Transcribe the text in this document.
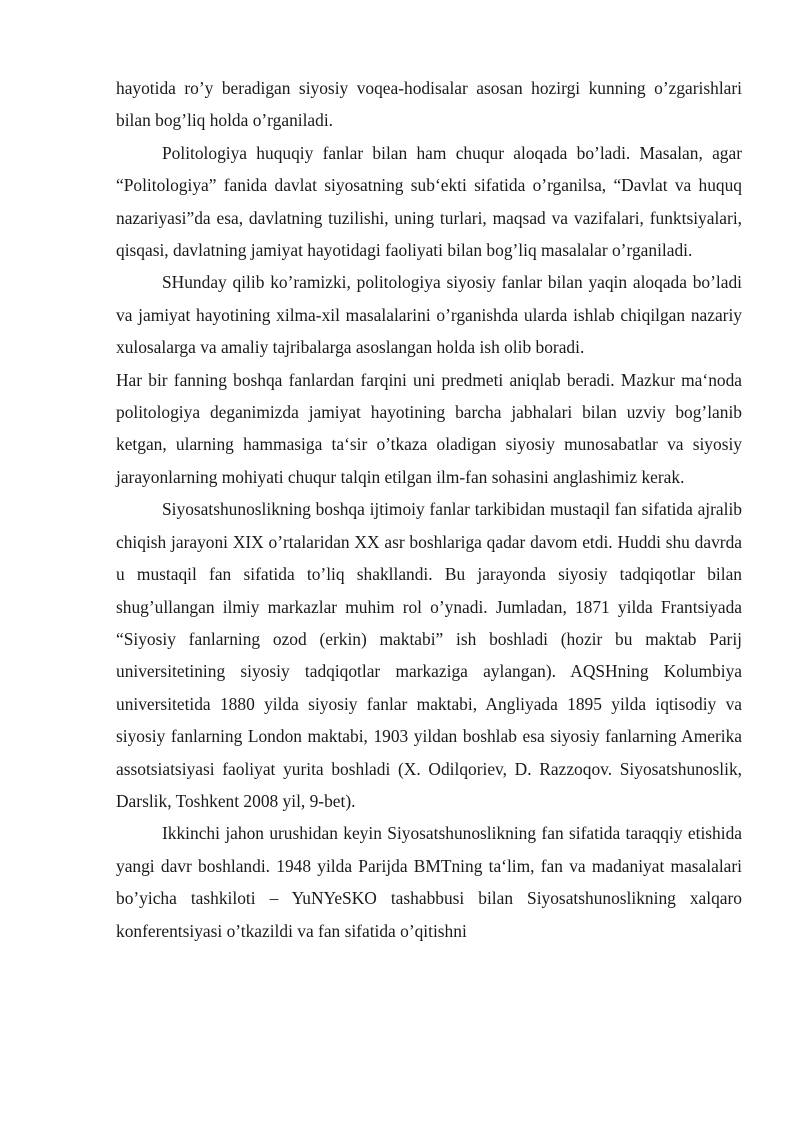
hayotida ro’y beradigan siyosiy voqea-hodisalar asosan hozirgi kunning o’zgarishlari bilan bog’liq holda o’rganiladi.

Politologiya huquqiy fanlar bilan ham chuqur aloqada bo’ladi. Masalan, agar “Politologiya” fanida davlat siyosatning sub‘ekti sifatida o’rganilsa, “Davlat va huquq nazariyasi”da esa, davlatning tuzilishi, uning turlari, maqsad va vazifalari, funktsiyalari, qisqasi, davlatning jamiyat hayotidagi faoliyati bilan bog’liq masalalar o’rganiladi.

SHunday qilib ko’ramizki, politologiya siyosiy fanlar bilan yaqin aloqada bo’ladi va jamiyat hayotining xilma-xil masalalarini o’rganishda ularda ishlab chiqilgan nazariy xulosalarga va amaliy tajribalarga asoslangan holda ish olib boradi.

Har bir fanning boshqa fanlardan farqini uni predmeti aniqlab beradi. Mazkur ma‘noda politologiya deganimizda jamiyat hayotining barcha jabhalari bilan uzviy bog’lanib ketgan, ularning hammasiga ta‘sir o’tkaza oladigan siyosiy munosabatlar va siyosiy jarayonlarning mohiyati chuqur talqin etilgan ilm-fan sohasini anglashimiz kerak.

Siyosatshunoslikning boshqa ijtimoiy fanlar tarkibidan mustaqil fan sifatida ajralib chiqish jarayoni XIX o’rtalaridan XX asr boshlariga qadar davom etdi. Huddi shu davrda u mustaqil fan sifatida to’liq shakllandi. Bu jarayonda siyosiy tadqiqotlar bilan shug’ullangan ilmiy markazlar muhim rol o’ynadi. Jumladan, 1871 yilda Frantsiyada “Siyosiy fanlarning ozod (erkin) maktabi” ish boshladi (hozir bu maktab Parij universitetining siyosiy tadqiqotlar markaziga aylangan). AQSHning Kolumbiya universitetida 1880 yilda siyosiy fanlar maktabi, Angliyada 1895 yilda iqtisodiy va siyosiy fanlarning London maktabi, 1903 yildan boshlab esa siyosiy fanlarning Amerika assotsiatsiyasi faoliyat yurita boshladi (X. Odilqoriev, D. Razzoqov. Siyosatshunoslik, Darslik, Toshkent 2008 yil, 9-bet).

Ikkinchi jahon urushidan keyin Siyosatshunoslikning fan sifatida taraqqiy etishida yangi davr boshlandi. 1948 yilda Parijda BMTning ta‘lim, fan va madaniyat masalalari bo’yicha tashkiloti – YuNYeSKO tashabbusi bilan Siyosatshunoslikning xalqaro konferentsiyasi o’tkazildi va fan sifatida o’qitishni
